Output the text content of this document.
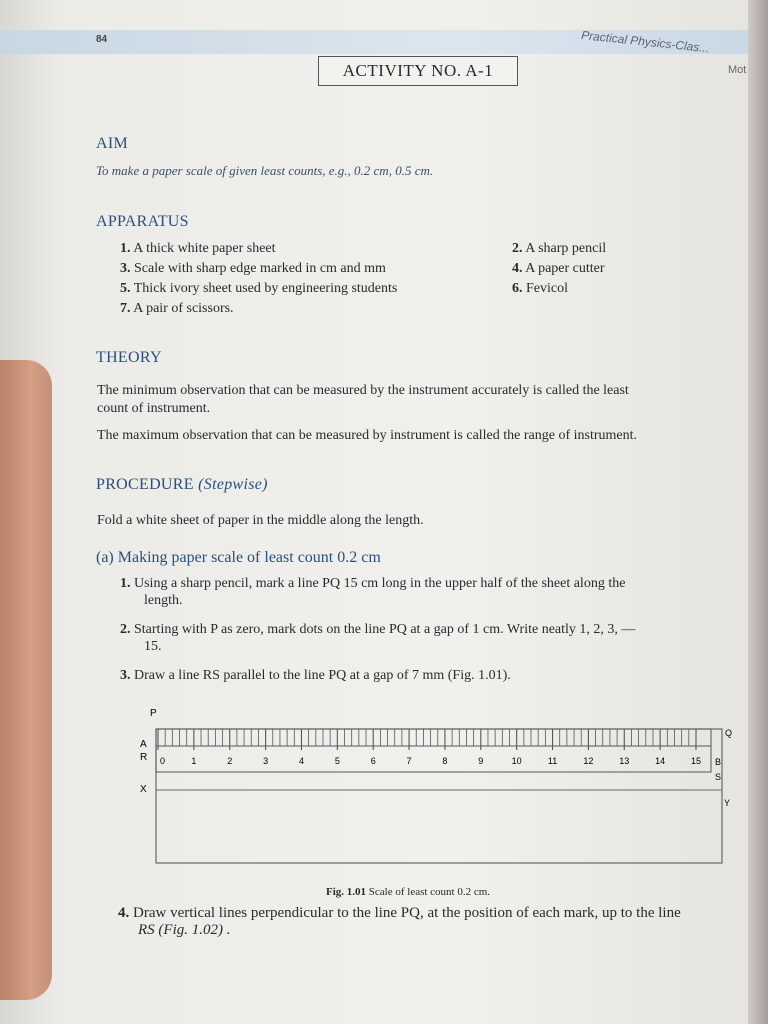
84	Practical Physics-Clas...
Mot
ACTIVITY NO. A-1
AIM
To make a paper scale of given least counts, e.g., 0.2 cm, 0.5 cm.
APPARATUS
1. A thick white paper sheet	2. A sharp pencil
3. Scale with sharp edge marked in cm and mm	4. A paper cutter
5. Thick ivory sheet used by engineering students	6. Fevicol
7. A pair of scissors.
THEORY
The minimum observation that can be measured by the instrument accurately is called the least
count of instrument.
The maximum observation that can be measured by instrument is called the range of instrument.
PROCEDURE (Stepwise)
Fold a white sheet of paper in the middle along the length.
(a) Making paper scale of least count 0.2 cm
1. Using a sharp pencil, mark a line PQ 15 cm long in the upper half of the sheet along the
length.
2. Starting with P as zero, mark dots on the line PQ at a gap of 1 cm. Write neatly 1, 2, 3, —
15.
3. Draw a line RS parallel to the line PQ at a gap of 7 mm (Fig. 1.01).
0	1	2	3	4	5	6	7	8	9	10	11	12	13	14	15
P
Q
A
R
X
B
S
Y
Fig. 1.01 Scale of least count 0.2 cm.
4. Draw vertical lines perpendicular to the line PQ, at the position of each mark, up to the line
RS (Fig. 1.02) .
